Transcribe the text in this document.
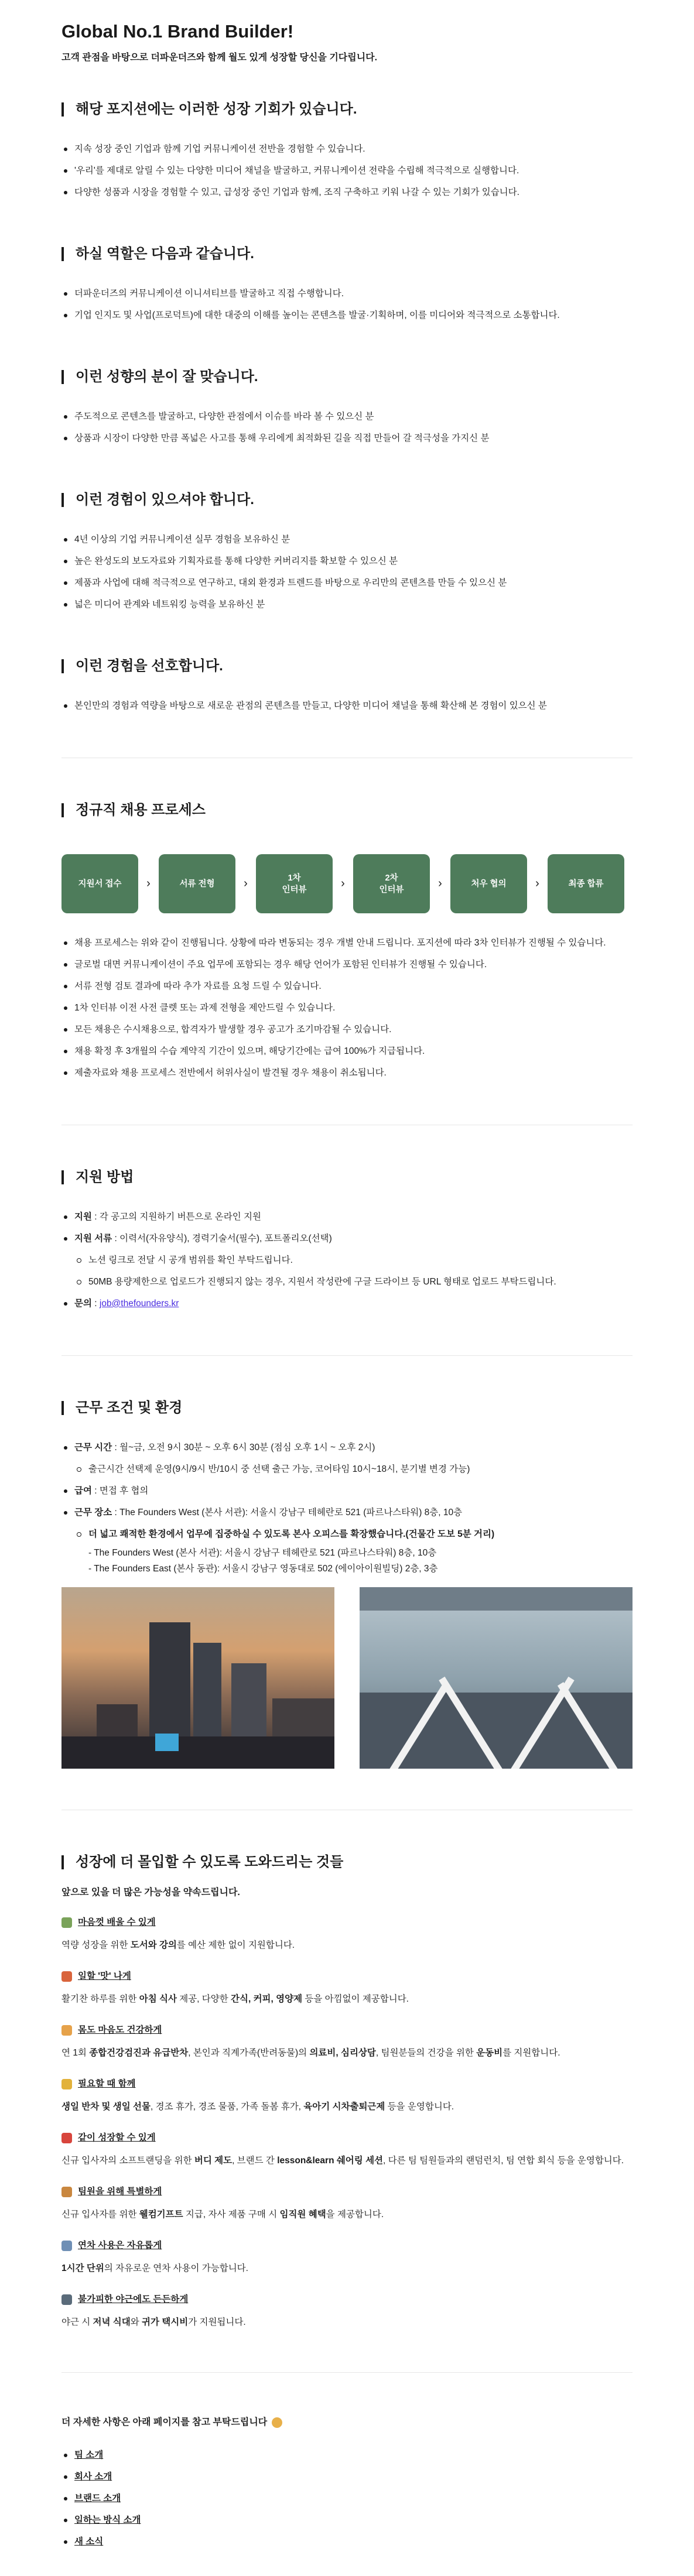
Global No.1 Brand Builder!
고객 관점을 바탕으로 더파운더즈와 함께 월도 있게 성장할 당신을 기다립니다.
해당 포지션에는 이러한 성장 기회가 있습니다.
지속 성장 중인 기업과 함께 기업 커뮤니케이션 전반을 경험할 수 있습니다.
'우리'를 제대로 알릴 수 있는 다양한 미디어 채널을 발굴하고, 커뮤니케이션 전략을 수립해 적극적으로 실행합니다.
다양한 성품과 시장을 경험할 수 있고, 급성장 중인 기업과 함께, 조직 구축하고 키워 나갈 수 있는 기회가 있습니다.
하실 역할은 다음과 같습니다.
더파운더즈의 커뮤니케이션 이니셔티브를 발굴하고 직접 수행합니다.
기업 인지도 및 사업(프로덕트)에 대한 대중의 이해를 높이는 콘텐츠를 발굴·기획하며, 이를 미디어와 적극적으로 소통합니다.
이런 성향의 분이 잘 맞습니다.
주도적으로 콘텐츠를 발굴하고, 다양한 관점에서 이슈를 바라 볼 수 있으신 분
상품과 시장이 다양한 만큼 폭넓은 사고를 통해 우리에게 최적화된 길을 직접 만들어 갈 적극성을 가지신 분
이런 경험이 있으셔야 합니다.
4년 이상의 기업 커뮤니케이션 실무 경험을 보유하신 분
높은 완성도의 보도자료와 기획자료를 통해 다양한 커버리지를 확보할 수 있으신 분
제품과 사업에 대해 적극적으로 연구하고, 대외 환경과 트렌드를 바탕으로 우리만의 콘텐츠를 만들 수 있으신 분
넓은 미디어 관계와 네트워킹 능력을 보유하신 분
이런 경험을 선호합니다.
본인만의 경험과 역량을 바탕으로 새로운 관점의 콘텐츠를 만들고, 다양한 미디어 채널을 통해 확산해 본 경험이 있으신 분
정규직 채용 프로세스
지원서 접수	›	서류 전형	›	1차
인터뷰	›	2차
인터뷰	›	처우 협의	›	최종 합류
채용 프로세스는 위와 같이 진행됩니다. 상황에 따라 변동되는 경우 개별 안내 드립니다. 포지션에 따라 3차 인터뷰가 진행될 수 있습니다.
글로벌 대면 커뮤니케이션이 주요 업무에 포함되는 경우 해당 언어가 포함된 인터뷰가 진행될 수 있습니다.
서류 전형 검토 결과에 따라 추가 자료를 요청 드릴 수 있습니다.
1차 인터뷰 이전 사전 클렛 또는 과제 전형을 제안드릴 수 있습니다.
모든 채용은 수시채용으로, 합격자가 발생할 경우 공고가 조기마감될 수 있습니다.
채용 확정 후 3개월의 수습 계약직 기간이 있으며, 해당기간에는 급여 100%가 지급됩니다.
제출자료와 채용 프로세스 전반에서 허위사실이 발견될 경우 채용이 취소됩니다.
지원 방법
지원 : 각 공고의 지원하기 버튼으로 온라인 지원
지원 서류 : 이력서(자유양식), 경력기술서(필수), 포트폴리오(선택)
노션 링크로 전달 시 공개 범위를 확인 부탁드립니다.
50MB 용량제한으로 업로드가 진행되지 않는 경우, 지원서 작성란에 구글 드라이브 등 URL 형태로 업로드 부탁드립니다.
문의 : job@thefounders.kr
근무 조건 및 환경
근무 시간 : 월~금, 오전 9시 30분 ~ 오후 6시 30분 (점심 오후 1시 ~ 오후 2시)
출근시간 선택제 운영(9시/9시 반/10시 중 선택 출근 가능, 코어타임 10시~18시, 분기별 변경 가능)
급여 : 면접 후 협의
근무 장소 : The Founders West (본사 서관): 서울시 강남구 테헤란로 521 (파르나스타워) 8층, 10층
더 넓고 쾌적한 환경에서 업무에 집중하실 수 있도록 본사 오피스를 확장했습니다.(건물간 도보 5분 거리)
- The Founders West (본사 서관): 서울시 강남구 테헤란로 521 (파르나스타워) 8층, 10층
- The Founders East (본사 동관): 서울시 강남구 영동대로 502 (에이아이원빌딩) 2층, 3층
성장에 더 몰입할 수 있도록 도와드리는 것들
앞으로 있을 더 많은 가능성을 약속드립니다.
마음껏 배울 수 있게
역량 성장을 위한 도서와 강의를 예산 제한 없이 지원합니다.
일할 '맛' 나게
활기찬 하루를 위한 아침 식사 제공, 다양한 간식, 커피, 영양제 등을 아낌없이 제공합니다.
몸도 마음도 건강하게
연 1회 종합건강검진과 유급반차, 본인과 직계가족(반려동물)의 의료비, 심리상담, 팀원분들의 건강을 위한 운동비를 지원합니다.
필요할 때 함께
생일 반차 및 생일 선물, 경조 휴가, 경조 물품, 가족 돌봄 휴가, 육아기 시차출퇴근제 등을 운영합니다.
같이 성장할 수 있게
신규 입사자의 소프트랜딩을 위한 버디 제도, 브랜드 간 lesson&learn 쉐어링 세션, 다른 팀 팀원들과의 랜덤런치, 팀 연합 회식 등을 운영합니다.
팀원을 위해 특별하게
신규 입사자를 위한 웰컴기프트 지급, 자사 제품 구매 시 임직원 혜택을 제공합니다.
연차 사용은 자유롭게
1시간 단위의 자유로운 연차 사용이 가능합니다.
불가피한 야근에도 든든하게
야근 시 저녁 식대와 귀가 택시비가 지원됩니다.
더 자세한 사항은 아래 페이지를 참고 부탁드립니다
팀 소개
회사 소개
브랜드 소개
일하는 방식 소개
새 소식
